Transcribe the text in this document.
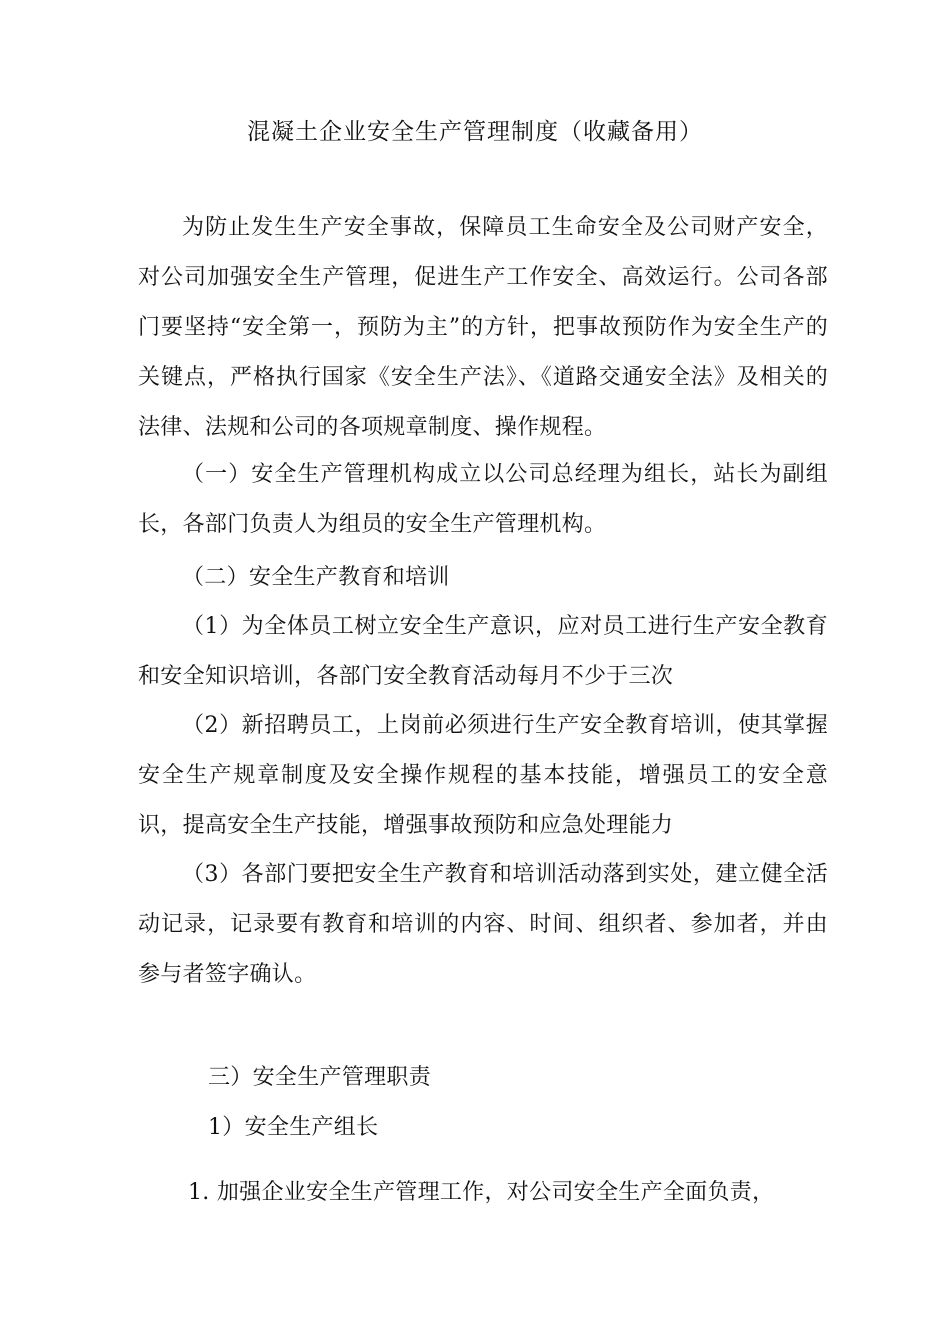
混凝土企业安全生产管理制度（收藏备用）

为防止发生生产安全事故，保障员工生命安全及公司财产安全，对公司加强安全生产管理，促进生产工作安全、高效运行。公司各部门要坚持“安全第一，预防为主”的方针，把事故预防作为安全生产的关键点，严格执行国家《安全生产法》、《道路交通安全法》及相关的法律、法规和公司的各项规章制度、操作规程。

（一）安全生产管理机构成立以公司总经理为组长，站长为副组长，各部门负责人为组员的安全生产管理机构。

（二）安全生产教育和培训

（1）为全体员工树立安全生产意识，应对员工进行生产安全教育和安全知识培训，各部门安全教育活动每月不少于三次

（2）新招聘员工，上岗前必须进行生产安全教育培训，使其掌握安全生产规章制度及安全操作规程的基本技能，增强员工的安全意识，提高安全生产技能，增强事故预防和应急处理能力

（3）各部门要把安全生产教育和培训活动落到实处，建立健全活动记录，记录要有教育和培训的内容、时间、组织者、参加者，并由参与者签字确认。

三）安全生产管理职责

1）安全生产组长

1. 加强企业安全生产管理工作，对公司安全生产全面负责，
